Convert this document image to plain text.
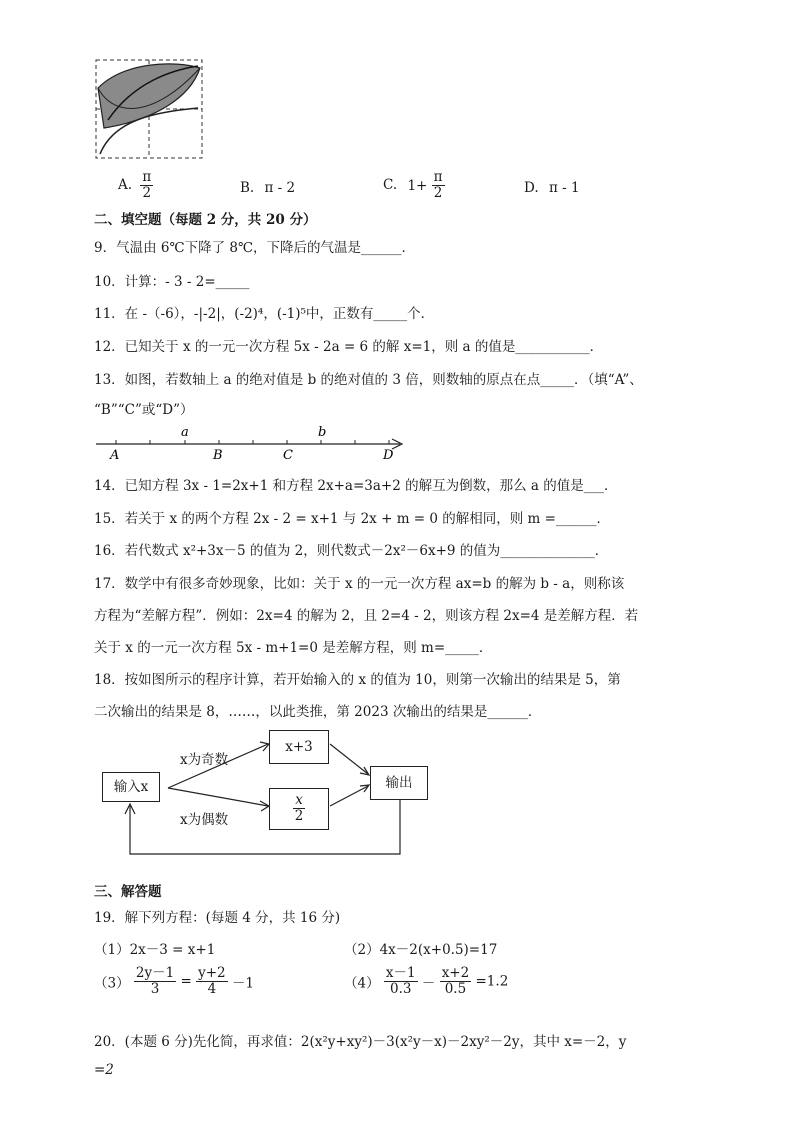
A. $\frac{\pi}{2}$	B. π - 2	C. $1+ \frac{\pi}{2}$	D. π - 1
二、填空题（每题 2 分，共 20 分）
9．气温由 6℃下降了 8℃，下降后的气温是______．
10．计算：- 3 - 2=_____
11．在 -（-6），-|-2|，(-2)⁴，(-1)⁵中，正数有_____个．
12．已知关于 x 的一元一次方程 5x - 2a = 6 的解 x=1，则 a 的值是___________．
13．如图，若数轴上 a 的绝对值是 b 的绝对值的 3 倍，则数轴的原点在点_____．（填“A”、
“B”“C”或“D”）
A	B	C	D
a	b
14．已知方程 3x - 1=2x+1 和方程 2x+a=3a+2 的解互为倒数，那么 a 的值是___．
15．若关于 x 的两个方程 2x - 2 = x+1 与 2x + m = 0 的解相同，则 m =______．
16．若代数式 x²+3x－5 的值为 2，则代数式－2x²－6x+9 的值为______________．
17．数学中有很多奇妙现象，比如：关于 x 的一元一次方程 ax=b 的解为 b - a，则称该
方程为“差解方程”．例如：2x=4 的解为 2，且 2=4 - 2，则该方程 2x=4 是差解方程．若
关于 x 的一元一次方程 5x - m+1=0 是差解方程，则 m=_____．
18．按如图所示的程序计算，若开始输入的 x 的值为 10，则第一次输出的结果是 5，第
二次输出的结果是 8，……，以此类推，第 2023 次输出的结果是______．
输入x
x为奇数
x为偶数
x+3
$\frac{x}{2}$
输出
三、解答题
19．解下列方程：(每题 4 分，共 16 分)
（1）2x－3 = x+1	（2）4x－2(x+0.5)=17
$(3) \frac{2y-1}{3} = \frac{y+2}{4} -1$	$(4) \frac{x-1}{0.3} - \frac{x+2}{0.5} =1.2$
20．(本题 6 分)先化简，再求值：2(x²y+xy²)－3(x²y－x)－2xy²－2y，其中 x=－2，y
=2
